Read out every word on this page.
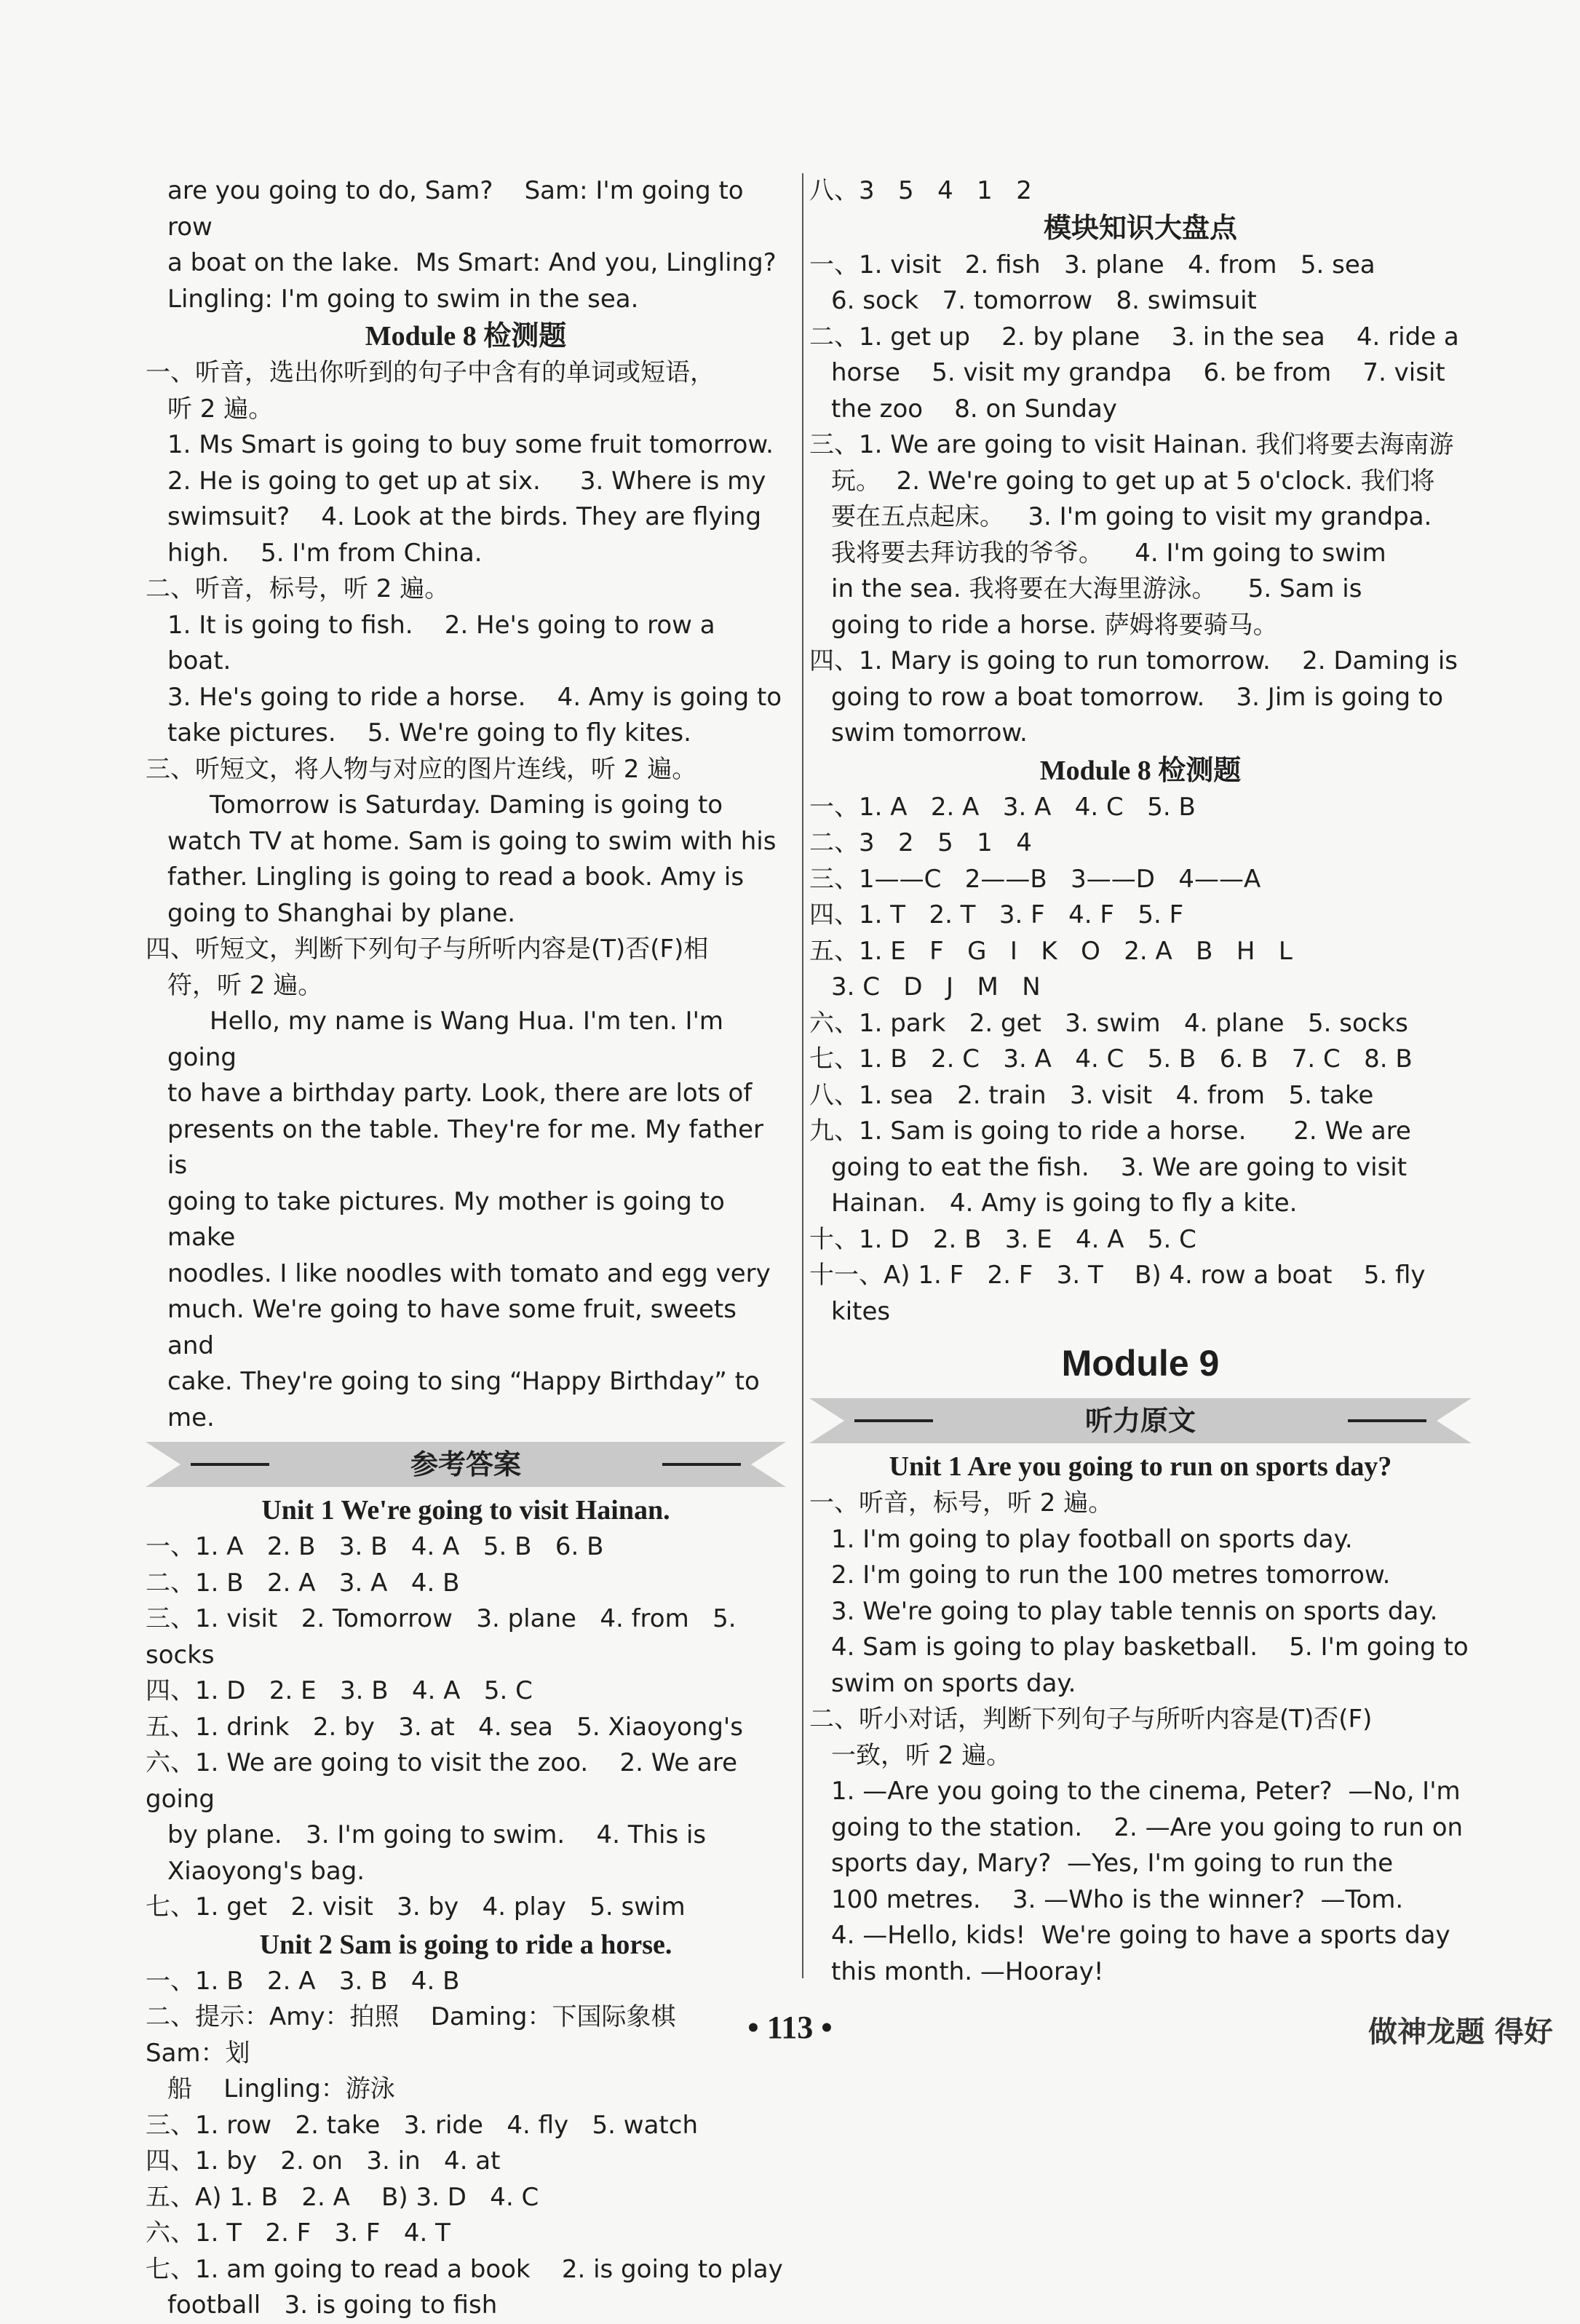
are you going to do, Sam?    Sam: I'm going to row
a boat on the lake.  Ms Smart: And you, Lingling?
Lingling: I'm going to swim in the sea.
Module 8 检测题
一、听音，选出你听到的句子中含有的单词或短语，
听 2 遍。
1. Ms Smart is going to buy some fruit tomorrow.
2. He is going to get up at six.     3. Where is my
swimsuit?    4. Look at the birds. They are flying
high.    5. I'm from China.
二、听音，标号，听 2 遍。
1. It is going to fish.    2. He's going to row a boat.
3. He's going to ride a horse.    4. Amy is going to
take pictures.    5. We're going to fly kites.
三、听短文，将人物与对应的图片连线，听 2 遍。
Tomorrow is Saturday. Daming is going to
watch TV at home. Sam is going to swim with his
father. Lingling is going to read a book. Amy is
going to Shanghai by plane.
四、听短文，判断下列句子与所听内容是(T)否(F)相
符，听 2 遍。
Hello, my name is Wang Hua. I'm ten. I'm going
to have a birthday party. Look, there are lots of
presents on the table. They're for me. My father is
going to take pictures. My mother is going to make
noodles. I like noodles with tomato and egg very
much. We're going to have some fruit, sweets and
cake. They're going to sing “Happy Birthday” to
me.
参考答案
Unit 1 We're going to visit Hainan.
一、1. A   2. B   3. B   4. A   5. B   6. B
二、1. B   2. A   3. A   4. B
三、1. visit   2. Tomorrow   3. plane   4. from   5. socks
四、1. D   2. E   3. B   4. A   5. C
五、1. drink   2. by   3. at   4. sea   5. Xiaoyong's
六、1. We are going to visit the zoo.    2. We are going
by plane.   3. I'm going to swim.    4. This is
Xiaoyong's bag.
七、1. get   2. visit   3. by   4. play   5. swim
Unit 2 Sam is going to ride a horse.
一、1. B   2. A   3. B   4. B
二、提示：Amy：拍照    Daming：下国际象棋    Sam：划
船    Lingling：游泳
三、1. row   2. take   3. ride   4. fly   5. watch
四、1. by   2. on   3. in   4. at
五、A) 1. B   2. A    B) 3. D   4. C
六、1. T   2. F   3. F   4. T
七、1. am going to read a book    2. is going to play
football   3. is going to fish
八、3   5   4   1   2
模块知识大盘点
一、1. visit   2. fish   3. plane   4. from   5. sea
6. sock   7. tomorrow   8. swimsuit
二、1. get up    2. by plane    3. in the sea    4. ride a
horse    5. visit my grandpa    6. be from    7. visit
the zoo    8. on Sunday
三、1. We are going to visit Hainan. 我们将要去海南游
玩。  2. We're going to get up at 5 o'clock. 我们将
要在五点起床。   3. I'm going to visit my grandpa.
我将要去拜访我的爷爷。    4. I'm going to swim
in the sea. 我将要在大海里游泳。    5. Sam is
going to ride a horse. 萨姆将要骑马。
四、1. Mary is going to run tomorrow.    2. Daming is
going to row a boat tomorrow.    3. Jim is going to
swim tomorrow.
Module 8 检测题
一、1. A   2. A   3. A   4. C   5. B
二、3   2   5   1   4
三、1——C   2——B   3——D   4——A
四、1. T   2. T   3. F   4. F   5. F
五、1. E   F   G   I   K   O   2. A   B   H   L
3. C   D   J   M   N
六、1. park   2. get   3. swim   4. plane   5. socks
七、1. B   2. C   3. A   4. C   5. B   6. B   7. C   8. B
八、1. sea   2. train   3. visit   4. from   5. take
九、1. Sam is going to ride a horse.      2. We are
going to eat the fish.    3. We are going to visit
Hainan.   4. Amy is going to fly a kite.
十、1. D   2. B   3. E   4. A   5. C
十一、A) 1. F   2. F   3. T    B) 4. row a boat    5. fly
kites
Module 9
听力原文
Unit 1 Are you going to run on sports day?
一、听音，标号，听 2 遍。
1. I'm going to play football on sports day.
2. I'm going to run the 100 metres tomorrow.
3. We're going to play table tennis on sports day.
4. Sam is going to play basketball.    5. I'm going to
swim on sports day.
二、听小对话，判断下列句子与所听内容是(T)否(F)
一致，听 2 遍。
1. —Are you going to the cinema, Peter?  —No, I'm
going to the station.    2. —Are you going to run on
sports day, Mary?  —Yes, I'm going to run the
100 metres.    3. —Who is the winner?  —Tom.
4. —Hello, kids!  We're going to have a sports day
this month. —Hooray!
• 113 •	做神龙题 得好
